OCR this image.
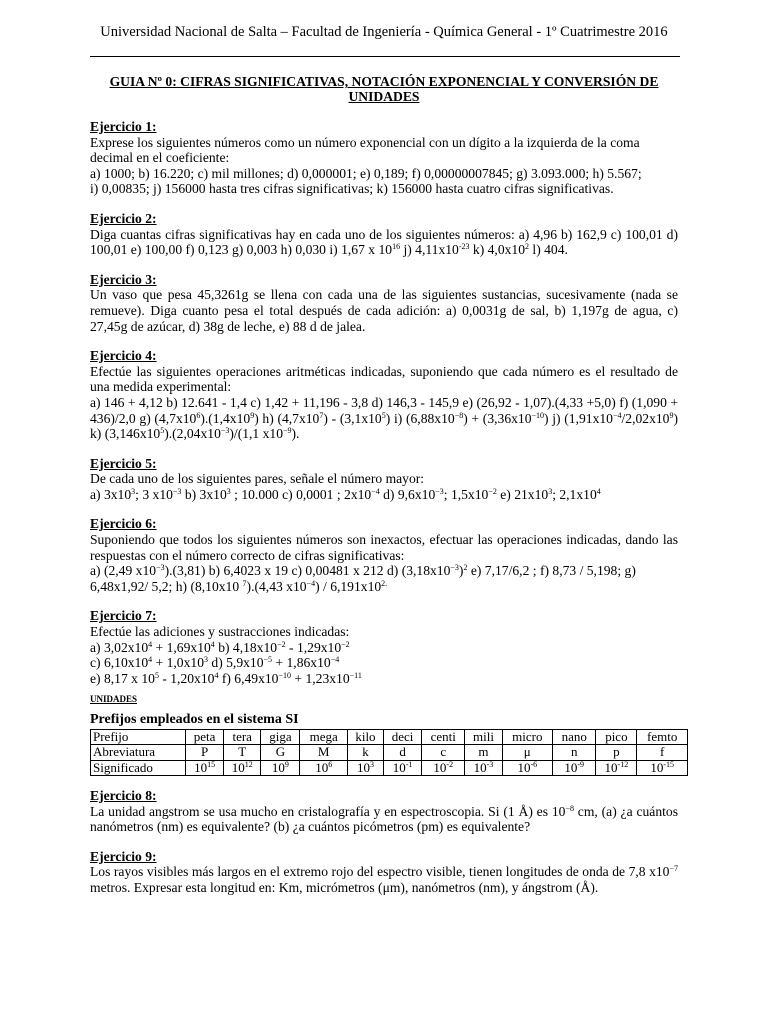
Universidad Nacional de Salta – Facultad de Ingeniería - Química General - 1º Cuatrimestre 2016
GUIA Nº 0: CIFRAS SIGNIFICATIVAS, NOTACIÓN EXPONENCIAL Y CONVERSIÓN DE UNIDADES
Ejercicio 1:

Exprese los siguientes números como un número exponencial con un dígito a la izquierda de la coma decimal en el coeficiente:

a) 1000; b) 16.220; c) mil millones; d) 0,000001; e) 0,189; f) 0,00000007845; g) 3.093.000; h) 5.567;

i) 0,00835; j) 156000 hasta tres cifras significativas; k) 156000 hasta cuatro cifras significativas.

Ejercicio 2:

Diga cuantas cifras significativas hay en cada uno de los siguientes números: a) 4,96 b) 162,9 c) 100,01 d) 100,01 e) 100,00 f) 0,123 g) 0,003 h) 0,030 i) 1,67 x $10^{16}$ j) $4,11x10^{-23}$ k) $4,0x10^2$ l) 404.

Ejercicio 3:

Un vaso que pesa 45,3261g se llena con cada una de las siguientes sustancias, sucesivamente (nada se remueve). Diga cuanto pesa el total después de cada adición: a) 0,0031g de sal, b) 1,197g de agua, c) 27,45g de azúcar, d) 38g de leche, e) 88 d de jalea.

Ejercicio 4:

Efectúe las siguientes operaciones aritméticas indicadas, suponiendo que cada número es el resultado de una medida experimental:

a) 146 + 4,12 b) 12.641 - 1,4 c) 1,42 + 11,196 - 3,8 d) 146,3 - 145,9 e) (26,92 - 1,07).(4,33 +5,0) f) (1,090 + 436)/2,0 g) $(4,7x10^6).(1,4x10^9)$ h) $(4,7x10^7) - (3,1x10^5)$ i) $(6,88x10^{-8}) + (3,36x10^{-10})$ j) $(1,91x10^{-4}/2,02x10^9)$ k) $(3,146x10^5).(2,04x10^{-3})/(1,1$ $x10^{-9}$).

Ejercicio 5:

De cada uno de los siguientes pares, señale el número mayor:

a) $3x10^3$; 3 $x10^{-3}$ b) $3x10^3$ ; 10.000 c) 0,0001 ; $2x10^{-4}$ d) $9,6x10^{-3}$; $1,5x10^{-2}$ e) $21x10^3$; $2,1x10^4$

Ejercicio 6:

Suponiendo que todos los siguientes números son inexactos, efectuar las operaciones indicadas, dando las respuestas con el número correcto de cifras significativas:

a) (2,49 $x10^{-3}).(3,81)$ b) 6,4023 x 19 c) 0,00481 x 212 d) $(3,18x10^{-3})^2$ e) 7,17/6,2 ; f) 8,73 / 5,198; g) 6,48x1,92/ 5,2; h) (8,10x10 $^7$).(4,43 $x10^{-4}) / 6,191x10^{2.}$

Ejercicio 7:

Efectúe las adiciones y sustracciones indicadas:

a) $3,02x10^4 + 1,69x10^4$ b) $4,18x10^{-2} - 1,29x10^{-2}$

c) $6,10x10^4 + 1,0x10^3$ d) $5,9x10^{-5} + 1,86x10^{-4}$

e) 8,17 x $10^5 - 1,20x10^4$ f) $6,49x10^{-10} + 1,23x10^{-11}$

UNIDADES
Prefijos empleados en el sistema SI
Prefijo	peta	tera	giga	mega	kilo	deci	centi	mili	micro	nano	pico	femto
Abreviatura	P	T	G	M	k	d	c	m	μ	n	p	f
Significado	$10^{15}$	$10^{12}$	$10^9$	$10^6$	$10^3$	$10^{-1}$	$10^{-2}$	$10^{-3}$	$10^{-6}$	$10^{-9}$	$10^{-12}$	$10^{-15}$
Ejercicio 8:

La unidad angstrom se usa mucho en cristalografía y en espectroscopia. Si (1 Å) es $10^{-8}$ cm, (a) ¿a cuántos nanómetros (nm) es equivalente? (b) ¿a cuántos picómetros (pm) es equivalente?

Ejercicio 9:

Los rayos visibles más largos en el extremo rojo del espectro visible, tienen longitudes de onda de 7,8 $x10^{-7}$ metros. Expresar esta longitud en: Km, micrómetros (μm), nanómetros (nm), y ángstrom (Å).
